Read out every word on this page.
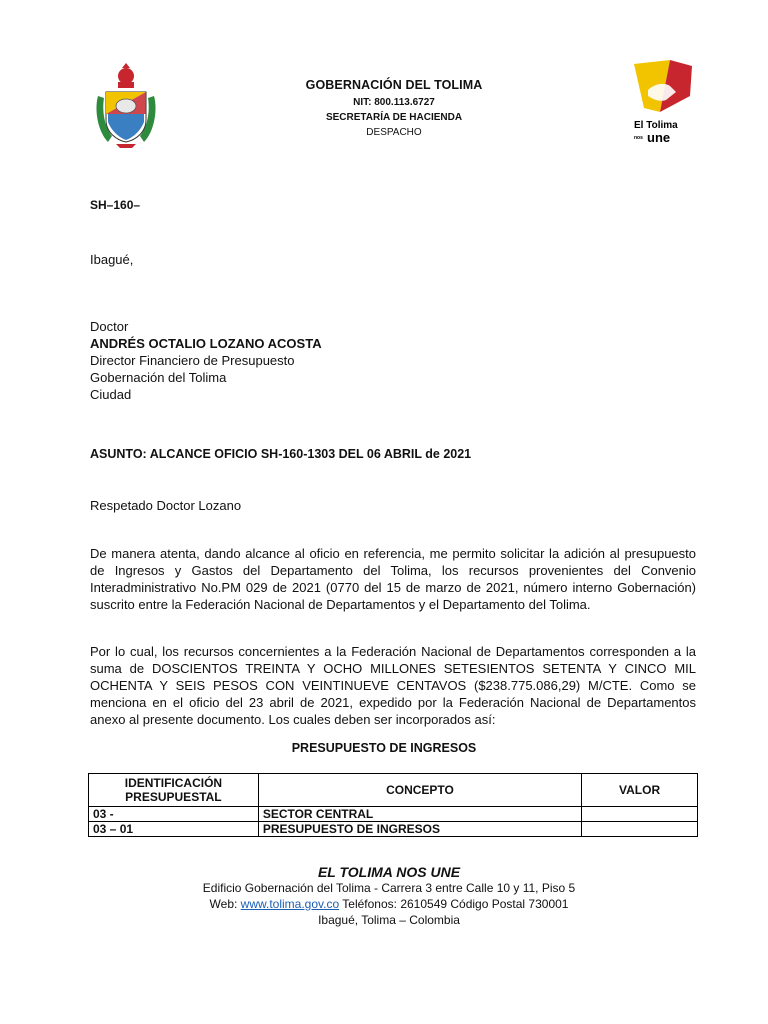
GOBERNACIÓN DEL TOLIMA
NIT: 800.113.6727
SECRETARÍA DE HACIENDA
DESPACHO
El Tolima
nos une
SH–160–
Ibagué,
Doctor
ANDRÉS OCTALIO LOZANO ACOSTA
Director Financiero de Presupuesto
Gobernación del Tolima
Ciudad
ASUNTO: ALCANCE OFICIO SH-160-1303 DEL 06 ABRIL de 2021
Respetado Doctor Lozano
De manera atenta, dando alcance al oficio en referencia, me permito solicitar la adición al presupuesto de Ingresos y Gastos del Departamento del Tolima, los recursos provenientes del Convenio Interadministrativo No.PM 029 de 2021 (0770 del 15 de marzo de 2021, número interno Gobernación) suscrito entre la Federación Nacional de Departamentos y el Departamento del Tolima.
Por lo cual, los recursos concernientes a la Federación Nacional de Departamentos corresponden a la suma de DOSCIENTOS TREINTA Y OCHO MILLONES SETESIENTOS SETENTA Y CINCO MIL OCHENTA Y SEIS PESOS CON VEINTINUEVE CENTAVOS ($238.775.086,29) M/CTE. Como se menciona en el oficio del 23 abril de 2021, expedido por la Federación Nacional de Departamentos anexo al presente documento. Los cuales deben ser incorporados así:
PRESUPUESTO DE INGRESOS
IDENTIFICACIÓN PRESUPUESTAL	CONCEPTO	VALOR
03 -	SECTOR CENTRAL	
03 – 01	PRESUPUESTO DE INGRESOS	
EL TOLIMA NOS UNE
Edificio Gobernación del Tolima - Carrera 3 entre Calle 10 y 11, Piso 5
Web: www.tolima.gov.co Teléfonos: 2610549 Código Postal 730001
Ibagué, Tolima – Colombia
